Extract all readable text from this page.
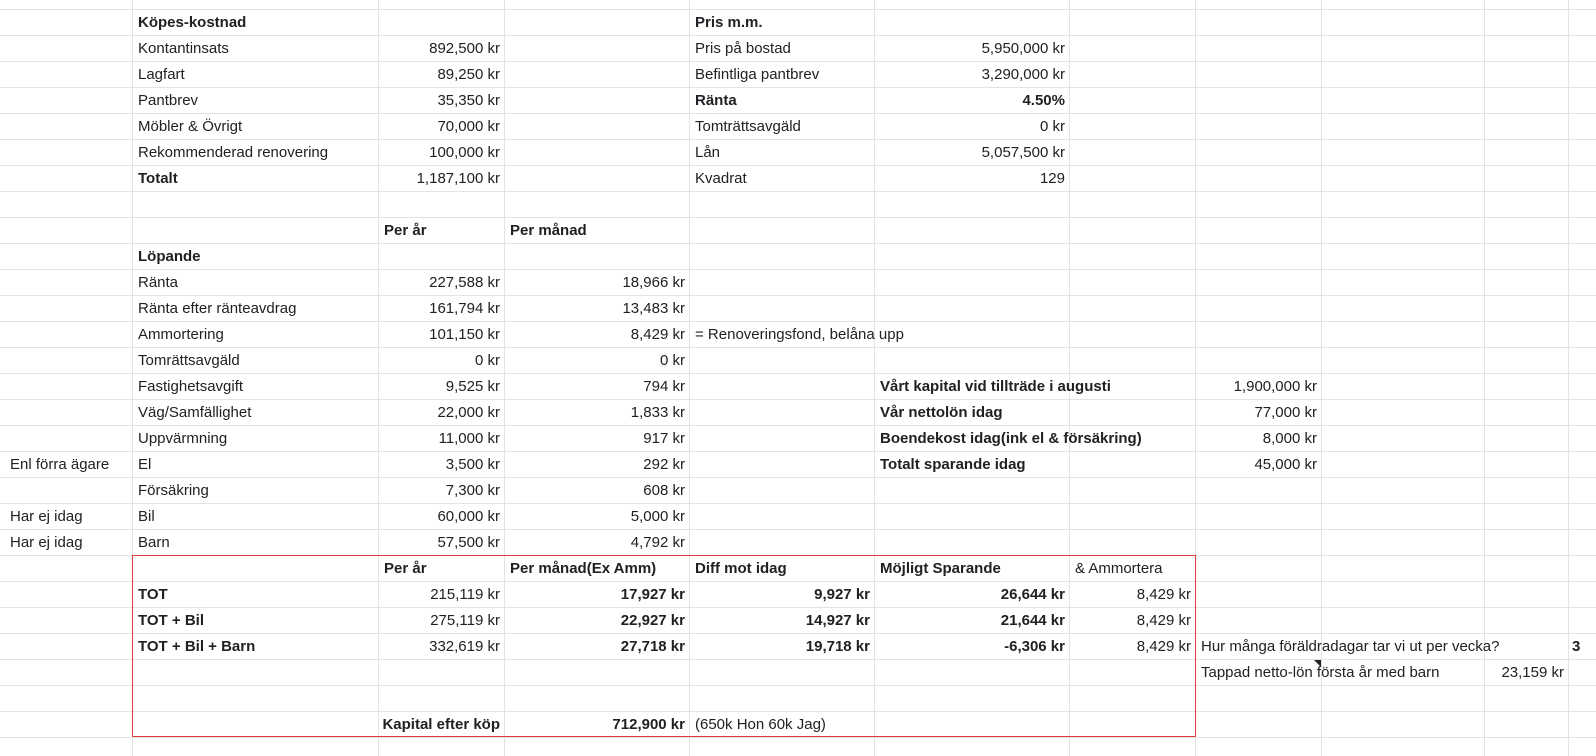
Köpes-kostnad
Kontantinsats	892,500 kr
Lagfart	89,250 kr
Pantbrev	35,350 kr
Möbler & Övrigt	70,000 kr
Rekommenderad renovering	100,000 kr
Totalt	1,187,100 kr
Pris m.m.
Pris på bostad	5,950,000 kr
Befintliga pantbrev	3,290,000 kr
Ränta	4.50%
Tomträttsavgäld	0 kr
Lån	5,057,500 kr
Kvadrat	129
Per år	Per månad
Löpande
Ränta	227,588 kr	18,966 kr
Ränta efter ränteavdrag	161,794 kr	13,483 kr
Ammortering	101,150 kr	8,429 kr = Renoveringsfond, belåna upp
Tomrättsavgäld	0 kr	0 kr
Fastighetsavgift	9,525 kr	794 kr
Väg/Samfällighet	22,000 kr	1,833 kr
Uppvärmning	11,000 kr	917 kr
Enl förra ägare	El	3,500 kr	292 kr
Försäkring	7,300 kr	608 kr
Har ej idag	Bil	60,000 kr	5,000 kr
Har ej idag	Barn	57,500 kr	4,792 kr
Vårt kapital vid tillträde i augusti	1,900,000 kr
Vår nettolön idag	77,000 kr
Boendekost idag(ink el & försäkring)	8,000 kr
Totalt sparande idag	45,000 kr
Per år	Per månad(Ex Amm)	Diff mot idag	Möjligt Sparande	& Ammortera
TOT	215,119 kr	17,927 kr	9,927 kr	26,644 kr	8,429 kr
TOT + Bil	275,119 kr	22,927 kr	14,927 kr	21,644 kr	8,429 kr
TOT + Bil + Barn	332,619 kr	27,718 kr	19,718 kr	-6,306 kr	8,429 kr Hur många föräldradagar tar vi ut per vecka?	3
Tappad netto-lön första år med barn	23,159 kr
Kapital efter köp	712,900 kr (650k Hon 60k Jag)
